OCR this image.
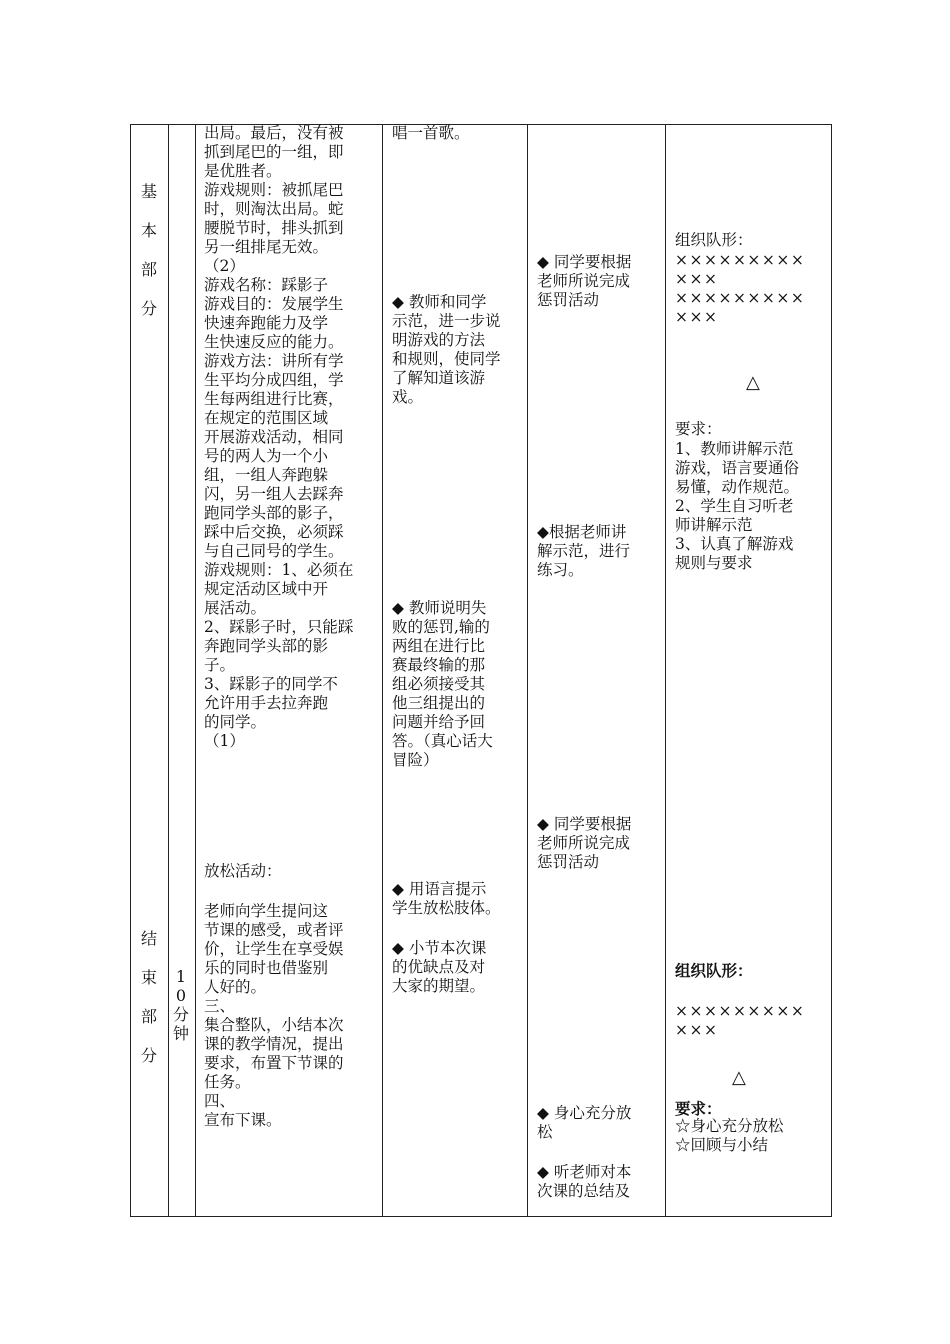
基
本
部
分
结
束
部
分
1
0
分
钟
出局。最后，没有被
抓到尾巴的一组，即
是优胜者。
游戏规则：被抓尾巴
时，则淘汰出局。蛇
腰脱节时，排头抓到
另一组排尾无效。
（2）
游戏名称：踩影子
游戏目的：发展学生
快速奔跑能力及学
生快速反应的能力。
游戏方法：讲所有学
生平均分成四组，学
生每两组进行比赛，
在规定的范围区域
开展游戏活动，相同
号的两人为一个小
组，一组人奔跑躲
闪，另一组人去踩奔
跑同学头部的影子，
踩中后交换，必须踩
与自己同号的学生。
游戏规则：1、必须在
规定活动区域中开
展活动。
2、踩影子时，只能踩
奔跑同学头部的影
子。
3、踩影子的同学不
允许用手去拉奔跑
的同学。
（1）
放松活动：
老师向学生提问这
节课的感受，或者评
价，让学生在享受娱
乐的同时也借鉴别
人好的。
三、
集合整队，小结本次
课的教学情况，提出
要求，布置下节课的
任务。
四、
宣布下课。
唱一首歌。
◆ 教师和同学
示范，进一步说
明游戏的方法
和规则，使同学
了解知道该游
戏。
◆ 教师说明失
败的惩罚,输的
两组在进行比
赛最终输的那
组必须接受其
他三组提出的
问题并给予回
答。（真心话大
冒险）
◆ 用语言提示
学生放松肢体。
◆ 小节本次课
的优缺点及对
大家的期望。
◆ 同学要根据
老师所说完成
惩罚活动
◆根据老师讲
解示范，进行
练习。
◆ 同学要根据
老师所说完成
惩罚活动
◆ 身心充分放
松
◆ 听老师对本
次课的总结及
组织队形：
×××××××××
×××
×××××××××
×××
△
要求：
1、教师讲解示范
游戏，语言要通俗
易懂，动作规范。
2、学生自习听老
师讲解示范
3、认真了解游戏
规则与要求
组织队形：
×××××××××
×××
△
要求：
☆身心充分放松
☆回顾与小结
